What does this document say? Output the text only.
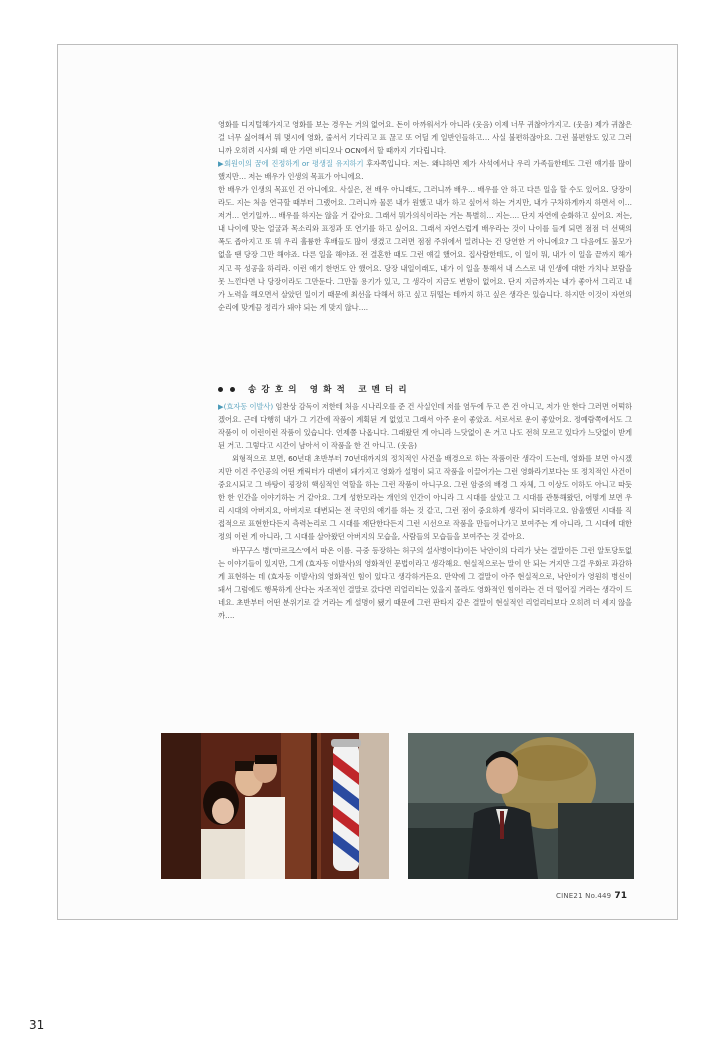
영화를 디지털해가지고 영화를 보는 경우는 거의 없어요. 돈이 아까워서가 아니라 (웃음) 이제 너무 귀찮아가지고. (웃음) 제가 귀찮은 걸 너무 싫어해서 뭐 몇시에 영화, 줄서서 기다리고 표 끊고 또 어딜 게 일반인들하고… 사실 불편하잖아요. 그런 불편함도 있고 그러니까 오히려 시사회 때 안 가면 비디오나 OCN에서 할 때까지 기다립니다.

▶회원이의 꿈에 진정하게 or 평생질 유지하기 후자쪽입니다. 저는. 왜냐하면 제가 사석에서나 우리 가족들한테도 그런 얘기를 많이 했지만… 저는 배우가 인생의 목표가 아니에요.

한 배우가 인생의 목표인 건 아니에요. 사실은, 전 배우 아니래도, 그러니까 배우… 배우를 안 하고 다른 일을 할 수도 있어요. 당장이라도. 지는 처음 연극할 때부터 그랬어요. 그러니까 물론 내가 원했고 내가 하고 싶어서 하는 거지만, 내가 구차하게까지 하면서 이… 저거… 연기일까… 배우를 하지는 않을 거 같아요. 그래서 뭐가의식이라는 거는 특별히… 지는…. 단지 자연에 순화하고 싶어요. 저는, 내 나이에 맞는 얼굴과 목소리와 표정과 또 연기를 하고 싶어요. 그래서 자연스럽게 배우라는 것이 나이를 들게 되면 점점 더 선택의 폭도 좁아지고 또 뭐 우리 훌륭한 후배들도 많이 생겼고 그러면 점점 주위에서 밀려나는 건 당연한 거 아니에요? 그 다음에도 불모가 없을 땐 당장 그만 해야죠. 다른 일을 해야죠. 전 결혼한 때도 그런 얘길 했어요. 집사람한테도, 이 일이 뭐, 내가 이 일을 끝까지 해가지고 꼭 성공을 하리라. 이런 얘기 한번도 안 했어요. 당장 내일이래도, 내가 이 일을 통해서 내 스스로 내 인생에 대한 가치나 보람을 못 느낀다면 나 당장이라도 그만둔다. 그만둘 용기가 있고, 그 생각이 지금도 변함이 없어요. 단지 지금까지는 내가 좋아서 그리고 내가 노력을 해오면서 살았던 일이기 때문에 최선을 다해서 하고 싶고 뒤떨는 테까지 하고 싶은 생각은 있습니다. 하지만 이것이 자연의 순리에 맞게끔 정리가 돼야 되는 게 맞지 않나….

송강호의 영화적 코멘터리

▶(효자동 이발사) 임찬상 감독이 저한테 처음 시나리오를 준 건 사실인데 저를 염두에 두고 쓴 건 아니고, 저가 안 한다 그러면 어떡하겠어요. 근데 다행히 내가 그 기간에 작품이 계획된 게 없었고 그래서 아주 운이 좋았죠. 서로서로 운이 좋았어요. 정예람쪽에서도 그 작품이 이 이런이런 작품이 있습니다. 언제쯤 나옵니다. 그래왔던 게 아니라 느닷없이 온 거고 나도 전혀 모르고 있다가 느닷없이 받게 된 거고. 그렇다고 시간이 남아서 이 작품을 한 건 아니고. (웃음)

외형적으로 보면, 60년대 초반부터 70년대까지의 정치적인 사건을 배경으로 하는 작품이란 생각이 드는데, 영화를 보면 아시겠지만 이건 주인공의 어떤 캐릭터가 대변이 돼가지고 영화가 설명이 되고 작품을 이끌어가는 그런 영화라기보다는 또 정치적인 사건이 중요시되고 그 바탕이 굉장히 핵심적인 역할을 하는 그런 작품이 아니구요. 그런 암중의 배경 그 자체, 그 이상도 이하도 아니고 따듯한 한 인간을 이야기하는 거 같아요. 그게 성한모라는 개인의 인간이 아니라 그 시대를 살았고 그 시대를 관통해왔던, 어떻게 보면 우리 시대의 아버지요, 아버지로 대변되는 전 국민의 얘기를 하는 것 같고, 그런 점이 중요하게 생각이 되더라고요. 암울했던 시대를 직접적으로 표현한다든지 측력논리로 그 시대를 재단한다든지 그런 시선으로 작품을 만들어나가고 보여주는 게 아니라, 그 시대에 대한 정의 이런 게 아니라, 그 시대를 살아왔던 아버지의 모습을, 사람들의 모습들을 보여주는 것 같아요.

바꾸구스 병('마르크스'에서 따온 이름. 극중 등장하는 허구의 설사병이다)이든 낙안이의 다리가 낫는 결말이든 그런 알토당토없는 이야기들이 있지만, 그게 (효자동 이발사)의 영화적인 문법이라고 생각해요. 현실적으로는 말이 안 되는 거지만 그걸 우화로 과감하게 표현하는 데 (효자동 이발사)의 영화적인 힘이 있다고 생각하거든요. 만약에 그 결말이 아주 현실적으로, 낙안이가 영원히 병신이 돼서 그럼에도 행복하게 산다는 자조적인 결말로 갔다면 리얼리티는 있을지 몰라도 영화적인 힘이라는 건 더 떨어질 거라는 생각이 드네요. 초반부터 어떤 분위기로 갈 거라는 게 설명이 됐기 때문에 그런 판타지 같은 결말이 현실적인 리얼리티보다 오히려 더 세지 않을까….

CINE21 No.449 71
31
